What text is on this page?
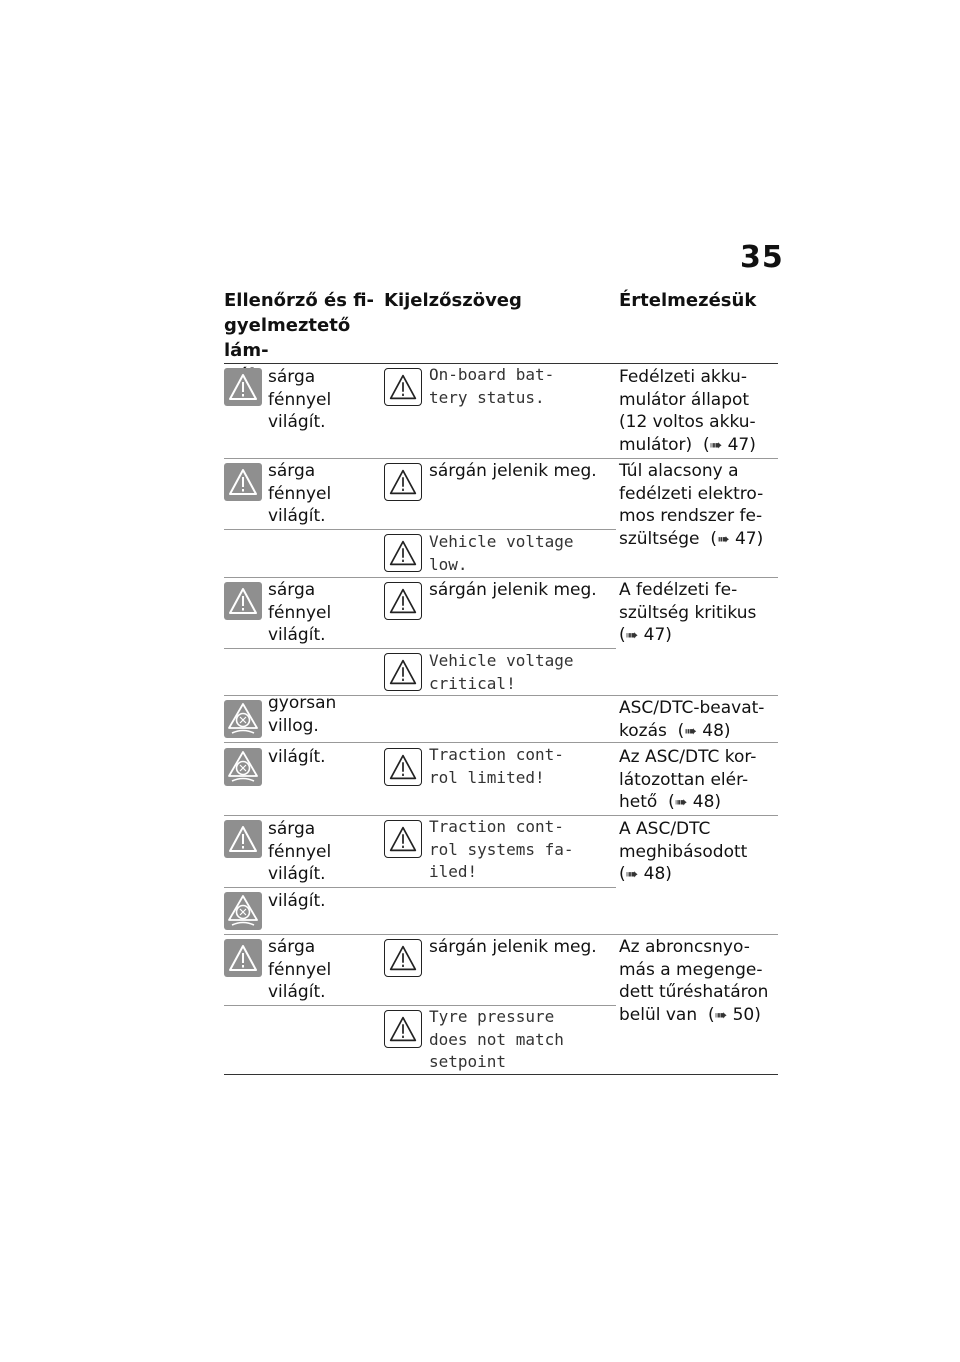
35
Ellenőrző és fi-
gyelmeztető lám-
Kijelzőszöveg	Értelmezésük
sárga
fénnyel
világít.
On-board bat-
tery status.
Fedélzeti akku-
mulátor állapot
(12 voltos akku-
mulátor)  (➠ 47)
sárga
fénnyel
világít.
sárgán jelenik meg.
Vehicle voltage
low.
Túl alacsony a
fedélzeti elektro-
mos rendszer fe-
szültsége  (➠ 47)
sárga
fénnyel
világít.
sárgán jelenik meg.
Vehicle voltage
critical!
A fedélzeti fe-
szültség kritikus
(➠ 47)
gyorsan
villog.
ASC/DTC-beavat-
kozás  (➠ 48)
világít.	Traction cont-
rol limited!
Az ASC/DTC kor-
látozottan elér-
hető  (➠ 48)
sárga
fénnyel
világít.
Traction cont-
rol systems fa-
iled!
világít.
A ASC/DTC
meghibásodott
(➠ 48)
sárga
fénnyel
világít.
sárgán jelenik meg.
Tyre pressure
does not match
setpoint
Az abroncsnyo-
más a megenge-
dett tűréshatáron
belül van  (➠ 50)
